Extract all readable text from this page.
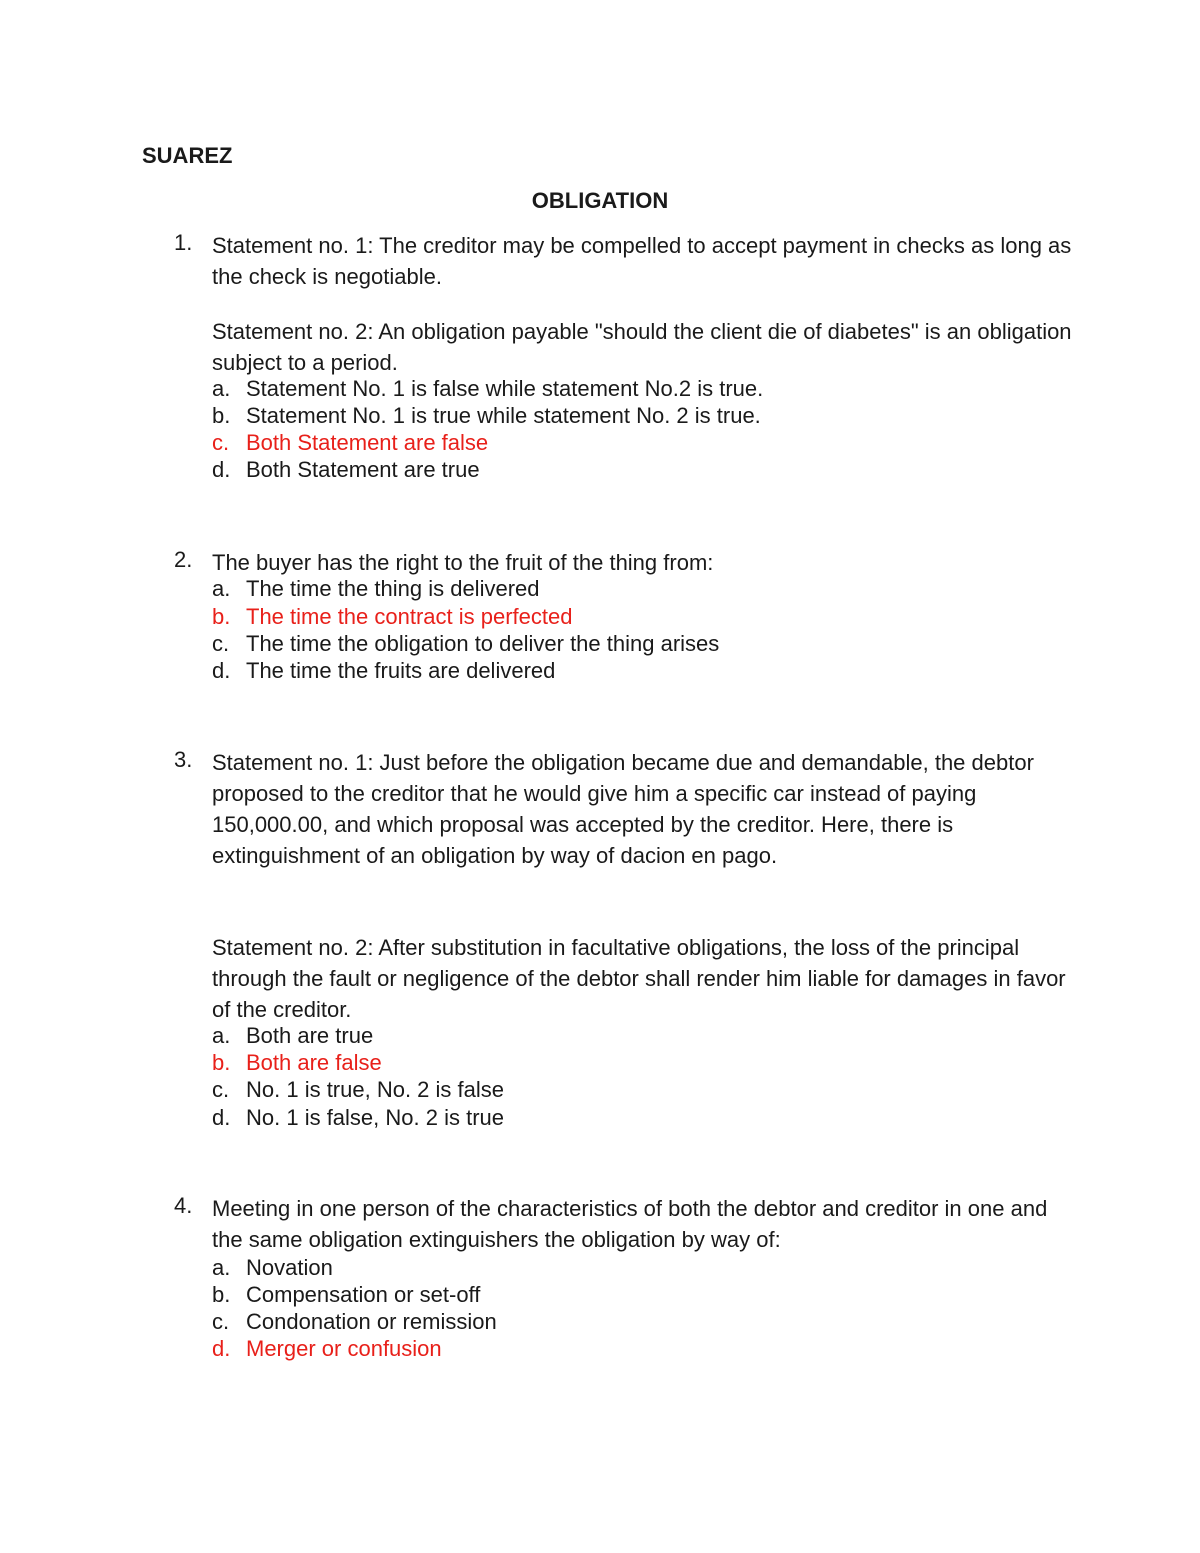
SUAREZ
OBLIGATION
1. Statement no. 1: The creditor may be compelled to accept payment in checks as long as the check is negotiable.
Statement no. 2: An obligation payable "should the client die of diabetes" is an obligation subject to a period.
a. Statement No. 1 is false while statement No.2 is true.
b. Statement No. 1 is true while statement No. 2 is true.
c. Both Statement are false
d. Both Statement are true
2. The buyer has the right to the fruit of the thing from:
a. The time the thing is delivered
b. The time the contract is perfected
c. The time the obligation to deliver the thing arises
d. The time the fruits are delivered
3. Statement no. 1: Just before the obligation became due and demandable, the debtor proposed to the creditor that he would give him a specific car instead of paying 150,000.00, and which proposal was accepted by the creditor. Here, there is extinguishment of an obligation by way of dacion en pago.
Statement no. 2: After substitution in facultative obligations, the loss of the principal through the fault or negligence of the debtor shall render him liable for damages in favor of the creditor.
a. Both are true
b. Both are false
c. No. 1 is true, No. 2 is false
d. No. 1 is false, No. 2 is true
4. Meeting in one person of the characteristics of both the debtor and creditor in one and the same obligation extinguishers the obligation by way of:
a. Novation
b. Compensation or set-off
c. Condonation or remission
d. Merger or confusion
